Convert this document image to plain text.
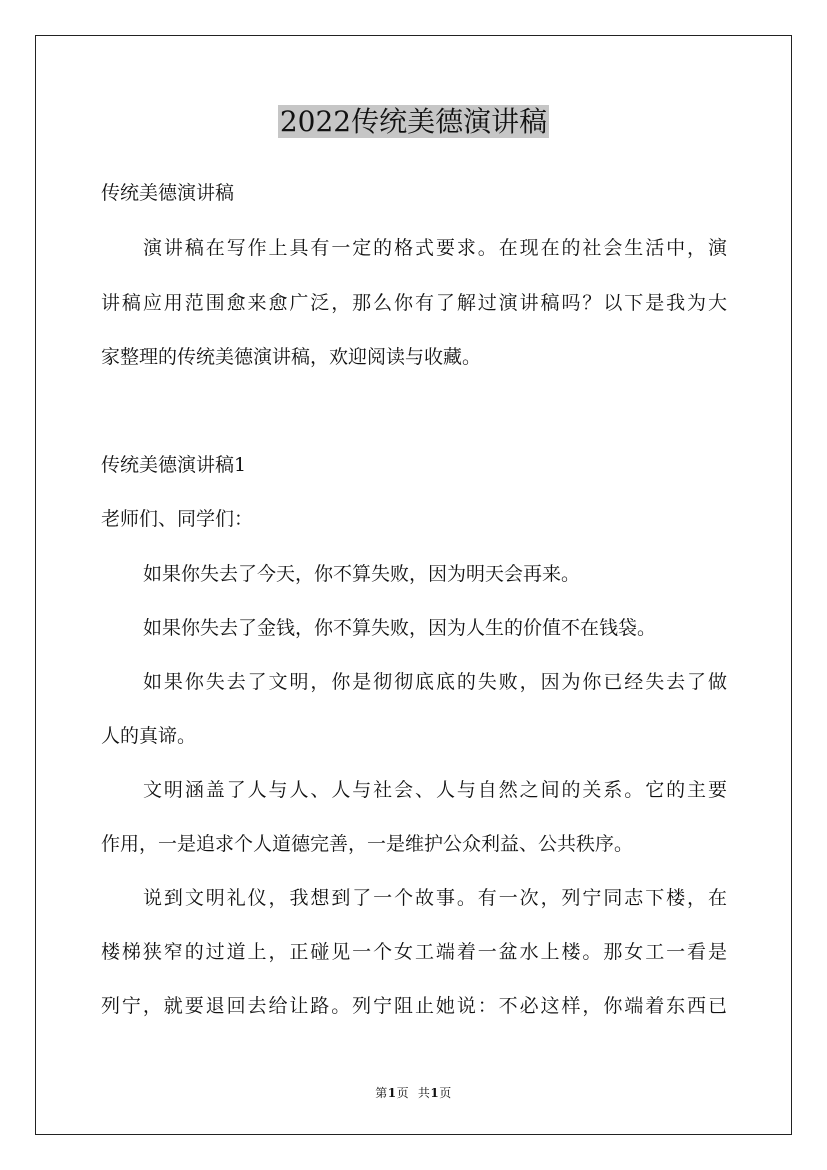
2022传统美德演讲稿

传统美德演讲稿

演讲稿在写作上具有一定的格式要求。在现在的社会生活中，演

讲稿应用范围愈来愈广泛，那么你有了解过演讲稿吗？以下是我为大

家整理的传统美德演讲稿，欢迎阅读与收藏。

传统美德演讲稿1

老师们、同学们：

如果你失去了今天，你不算失败，因为明天会再来。

如果你失去了金钱，你不算失败，因为人生的价值不在钱袋。

如果你失去了文明，你是彻彻底底的失败，因为你已经失去了做

人的真谛。

文明涵盖了人与人、人与社会、人与自然之间的关系。它的主要

作用，一是追求个人道德完善，一是维护公众利益、公共秩序。

说到文明礼仪，我想到了一个故事。有一次，列宁同志下楼，在

楼梯狭窄的过道上，正碰见一个女工端着一盆水上楼。那女工一看是

列宁，就要退回去给让路。列宁阻止她说：不必这样，你端着东西已

第1页 共1页
